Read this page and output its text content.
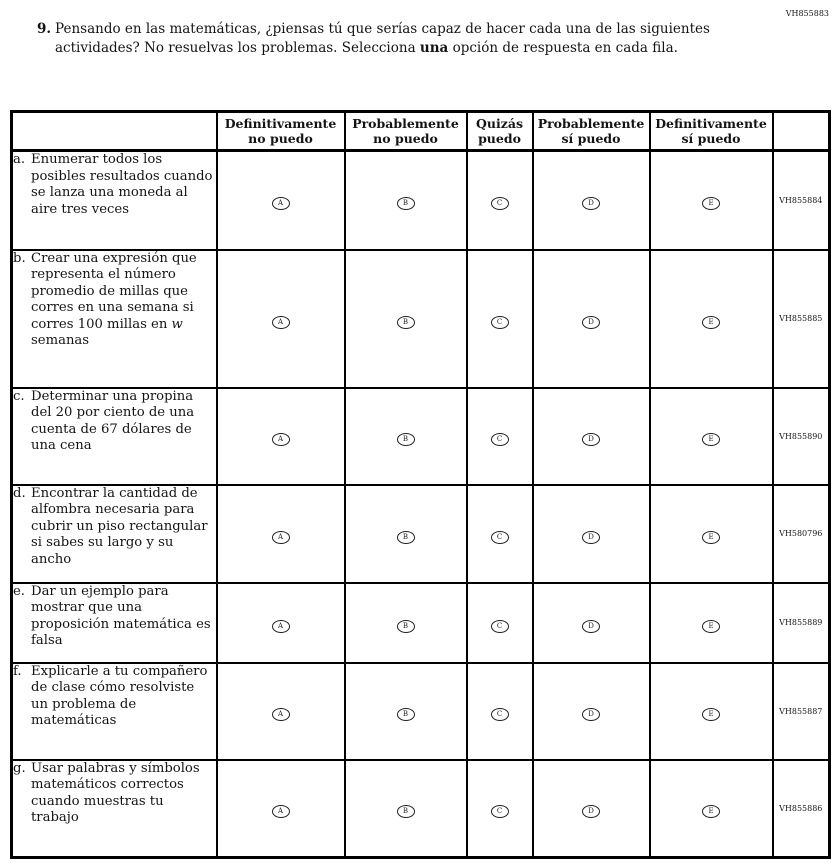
VH855883
9. Pensando en las matemáticas, ¿piensas tú que serías capaz de hacer cada una de las siguientes actividades? No resuelvas los problemas. Selecciona una opción de respuesta en cada fila.
	Definitivamente no puedo	Probablemente no puedo	Quizás puedo	Probablemente sí puedo	Definitivamente sí puedo	

a. Enumerar todos los posibles resultados cuando se lanza una moneda al aire tres veces	A	B	C	D	E	VH855884

b. Crear una expresión que representa el número promedio de millas que corres en una semana si corres 100 millas en w semanas	A	B	C	D	E	VH855885

c. Determinar una propina del 20 por ciento de una cuenta de 67 dólares de una cena	A	B	C	D	E	VH855890

d. Encontrar la cantidad de alfombra necesaria para cubrir un piso rectangular si sabes su largo y su ancho	A	B	C	D	E	VH580796

e. Dar un ejemplo para mostrar que una proposición matemática es falsa	A	B	C	D	E	VH855889

f. Explicarle a tu compañero de clase cómo resolviste un problema de matemáticas	A	B	C	D	E	VH855887

g. Usar palabras y símbolos matemáticos correctos cuando muestras tu trabajo	A	B	C	D	E	VH855886
